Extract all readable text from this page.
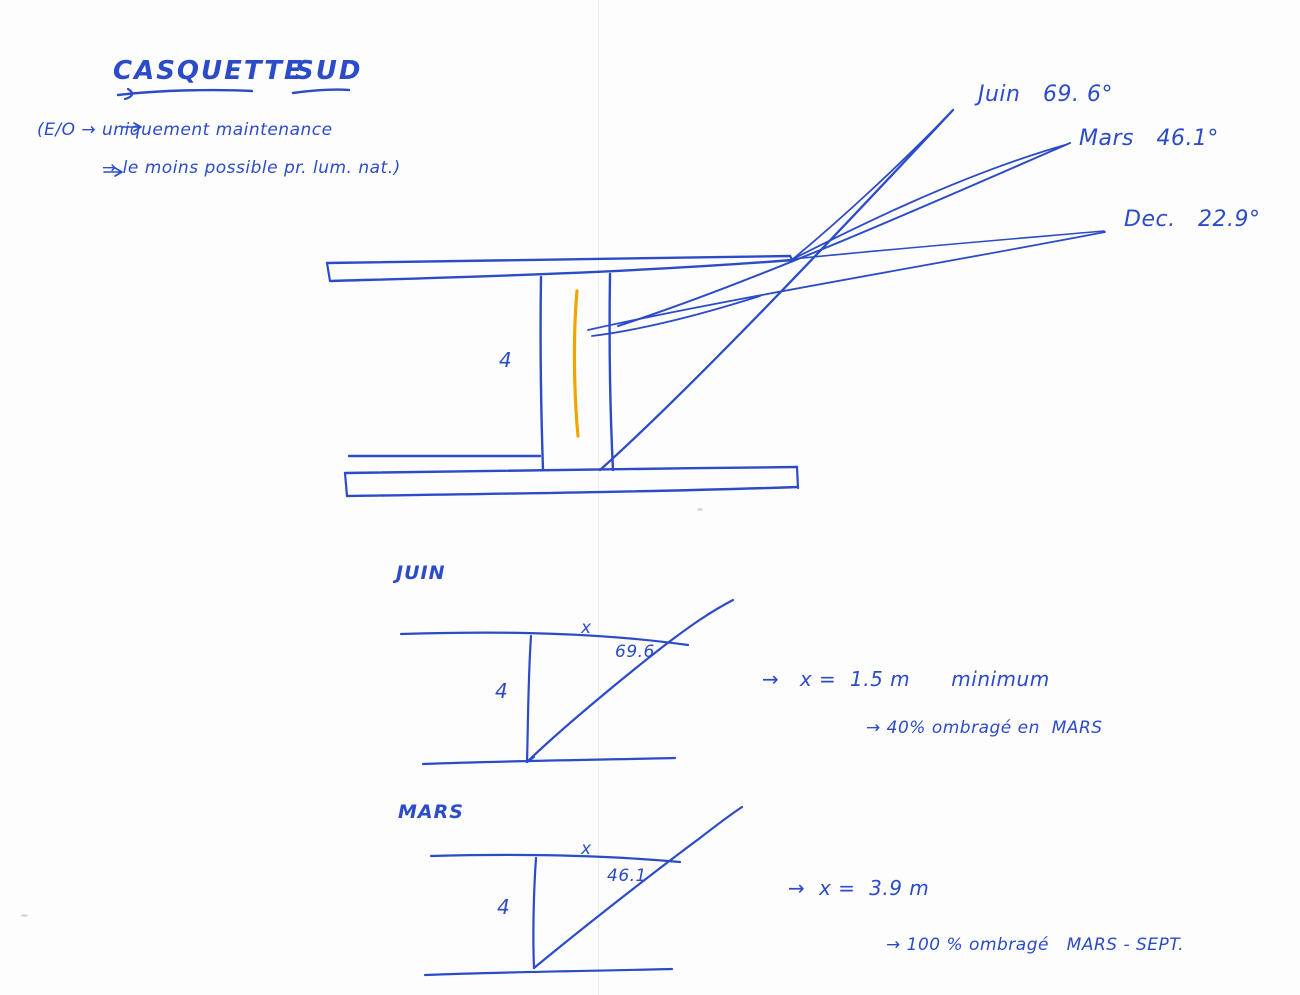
CASQUETTE
SUD
(E/O → uniquement maintenance
→ le moins possible pr. lum. nat.)
Juin   69. 6°
Mars   46.1°
Dec.   22.9°
4
JUIN
x
69.6
4	→   x =  1.5 m      minimum
→ 40% ombragé en  MARS
MARS
x
46.1
4
→  x =  3.9 m
→ 100 % ombragé   MARS - SEPT.
